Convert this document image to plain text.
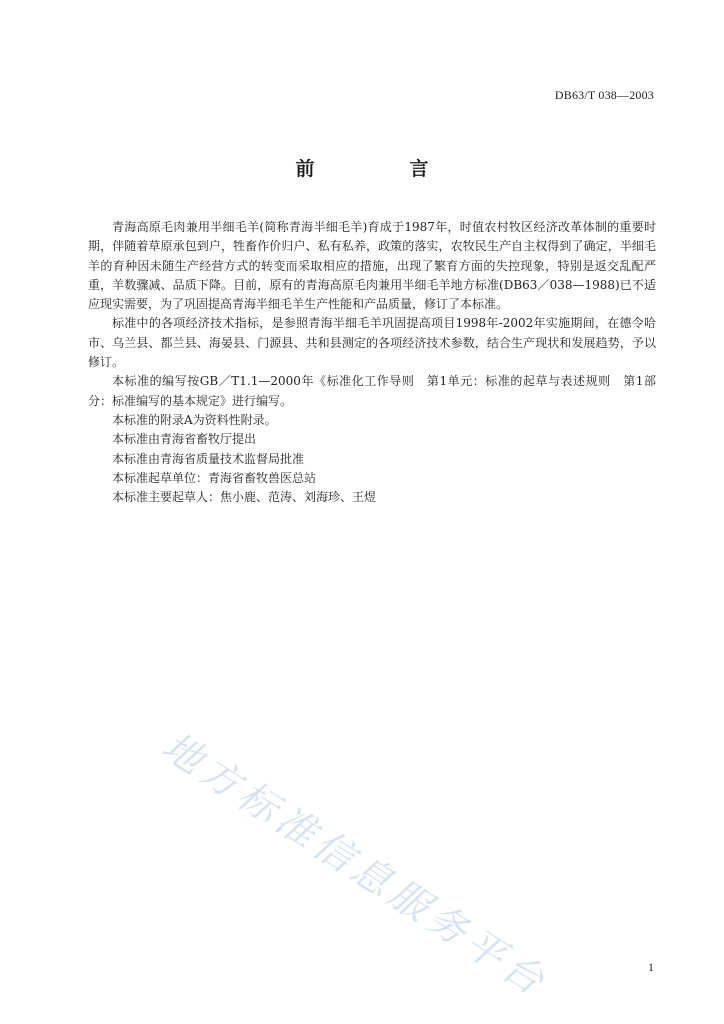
DB63/T 038—2003
前　言

青海高原毛肉兼用半细毛羊(简称青海半细毛羊)育成于1987年，时值农村牧区经济改革体制的重要时期，伴随着草原承包到户，牲畜作价归户、私有私养，政策的落实，农牧民生产自主权得到了确定，半细毛羊的育种因未随生产经营方式的转变而采取相应的措施，出现了繁育方面的失控现象，特别是返交乱配严重，羊数骤减、品质下降。目前，原有的青海高原毛肉兼用半细毛羊地方标准(DB63／038—1988)已不适应现实需要，为了巩固提高青海半细毛羊生产性能和产品质量，修订了本标准。

标准中的各项经济技术指标，是参照青海半细毛羊巩固提高项目1998年-2002年实施期间，在德令哈市、乌兰县、都兰县、海晏县、门源县、共和县测定的各项经济技术参数，结合生产现状和发展趋势，予以修订。

本标准的编写按GB／T1.1—2000年《标准化工作导则　第1单元：标准的起草与表述规则　第1部分：标准编写的基本规定》进行编写。

本标准的附录A为资料性附录。

本标准由青海省畜牧厅提出

本标准由青海省质量技术监督局批准

本标准起草单位：青海省畜牧兽医总站

本标准主要起草人：焦小鹿、范涛、刘海珍、王煜

地方标准信息服务平台	1
